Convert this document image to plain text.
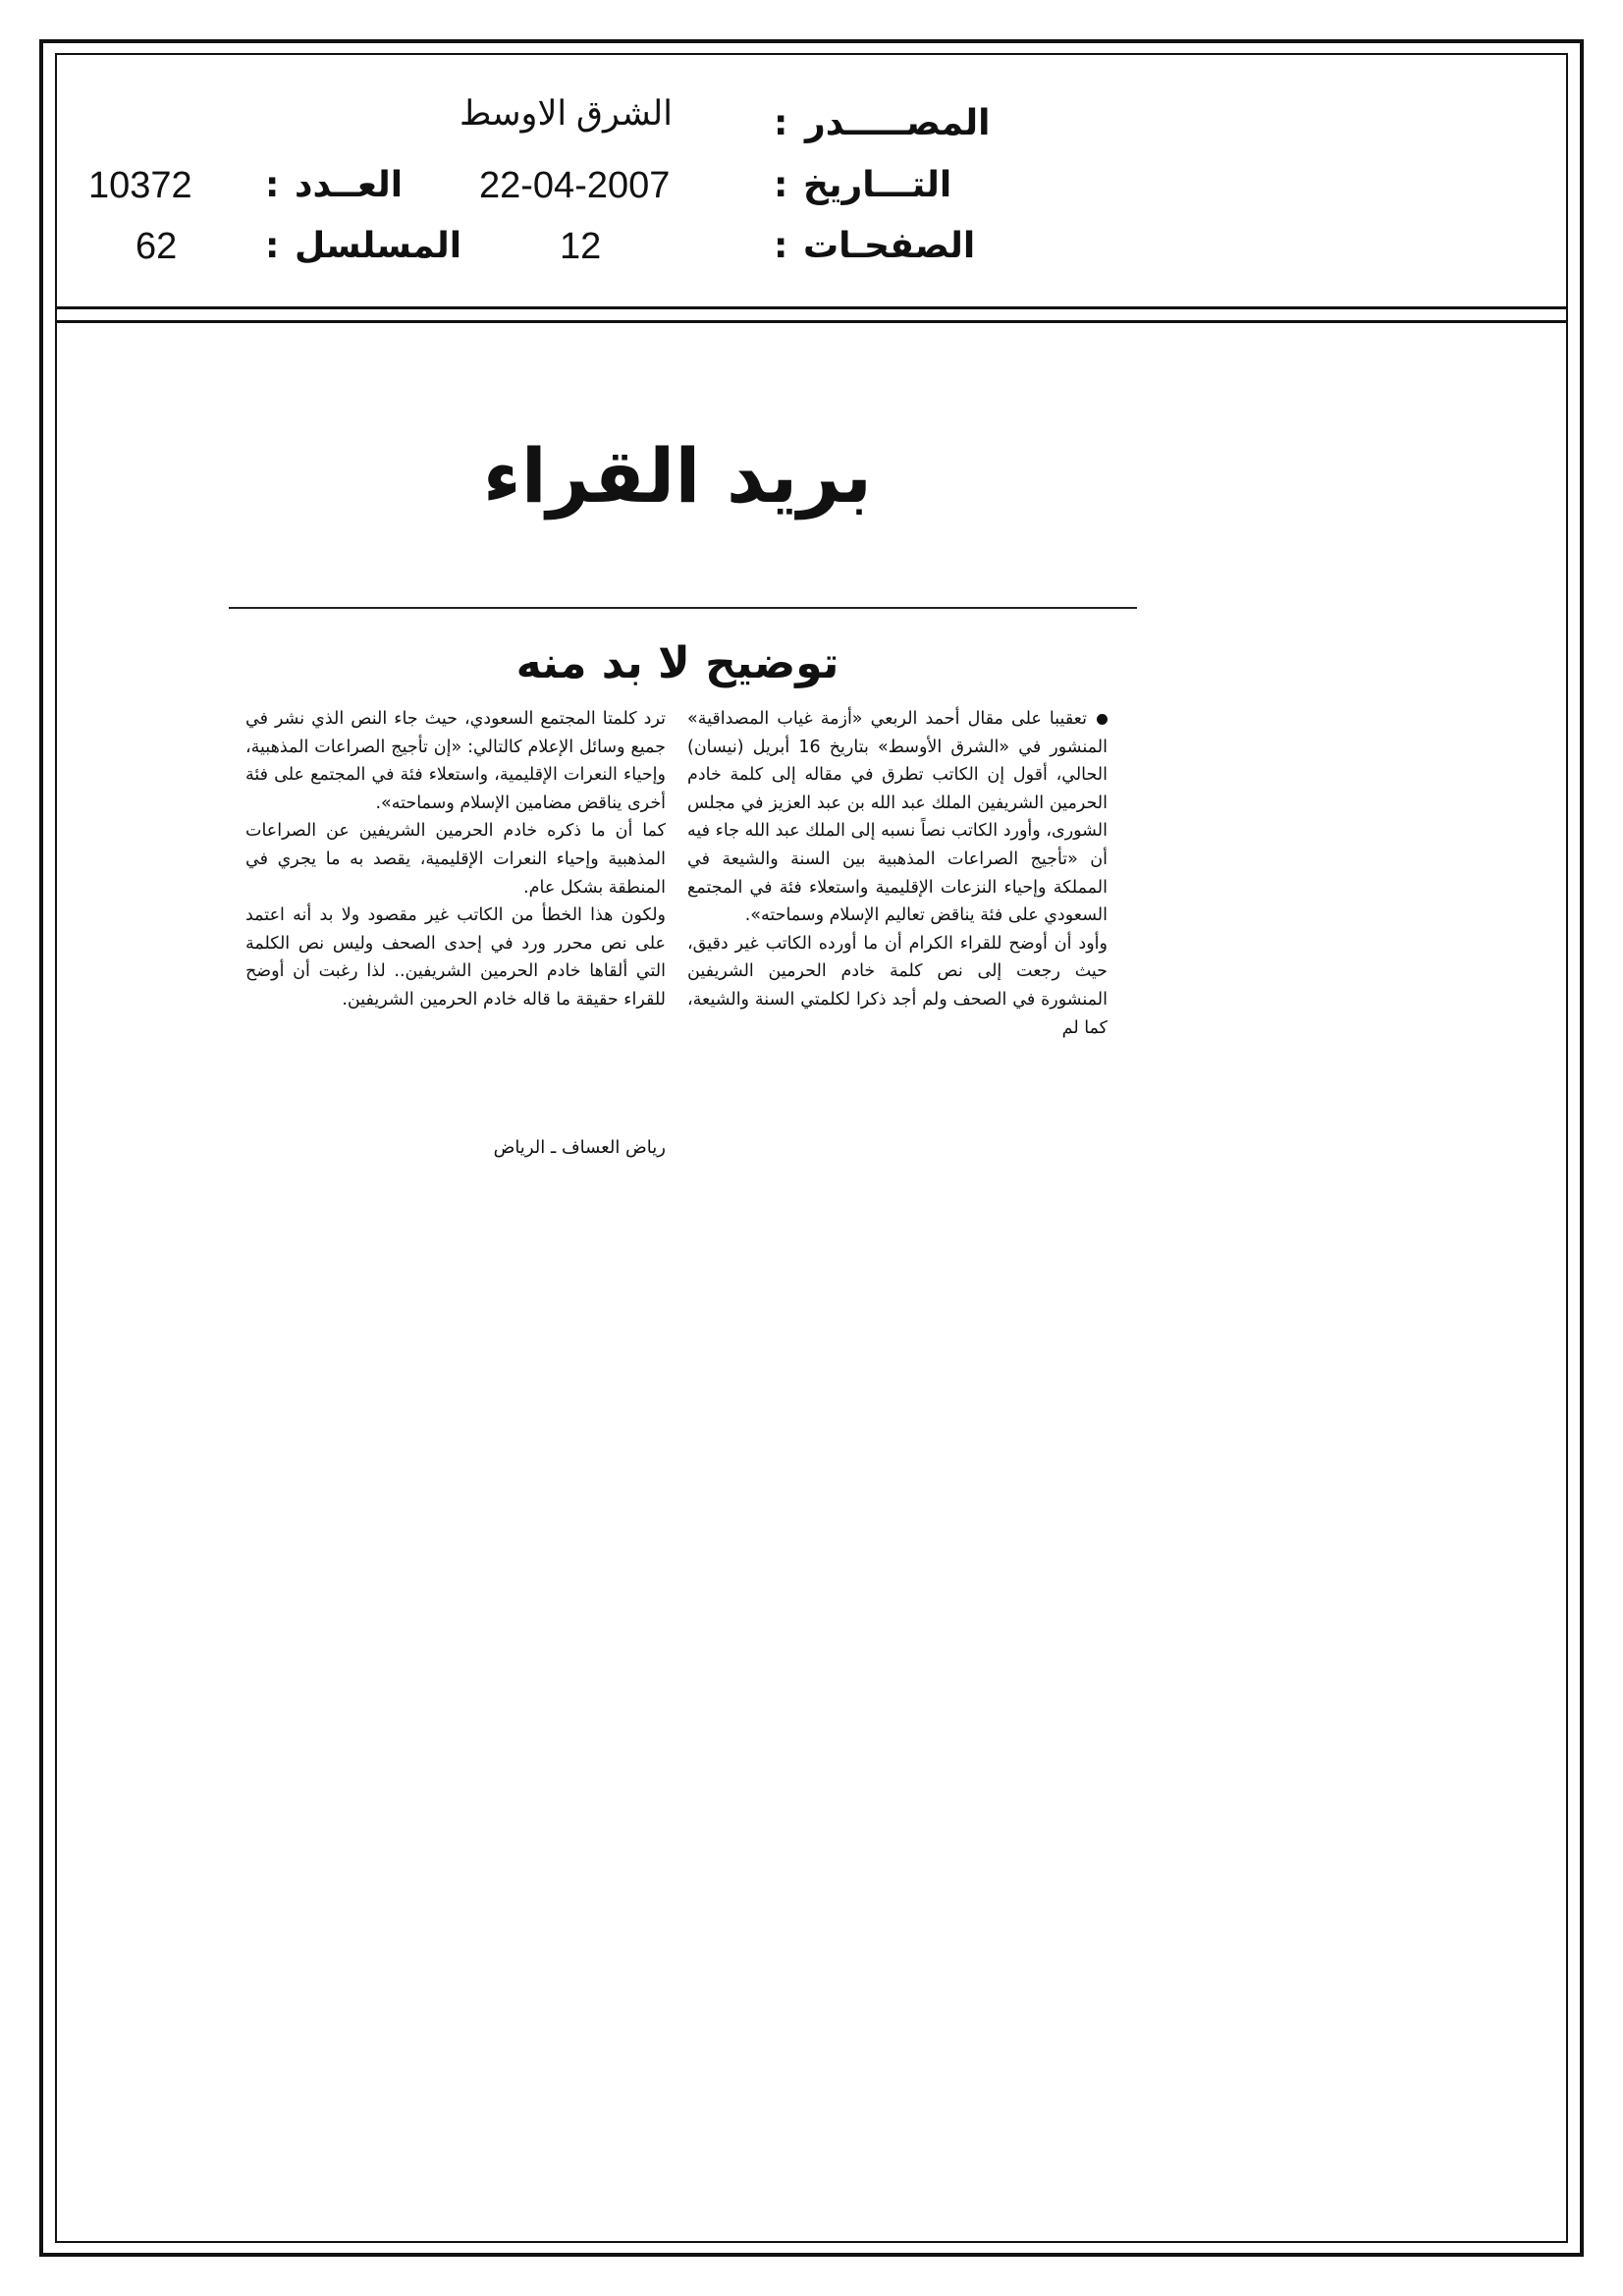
المصـــــدر
:
الشرق الاوسط
التـــاريخ
:
22-04-2007
العــدد
:
10372
الصفحـات
:
12
المسلسل
:
62
بريد القراء
توضيح لا بد منه

تعقيبا على مقال أحمد الربعي «أزمة غياب المصداقية» المنشور في «الشرق الأوسط» بتاريخ 16 أبريل (نيسان) الحالي، أقول إن الكاتب تطرق في مقاله إلى كلمة خادم الحرمين الشريفين الملك عبد الله بن عبد العزيز في مجلس الشورى، وأورد الكاتب نصاً نسبه إلى الملك عبد الله جاء فيه أن «تأجيج الصراعات المذهبية بين السنة والشيعة في المملكة وإحياء النزعات الإقليمية واستعلاء فئة في المجتمع السعودي على فئة يناقض تعاليم الإسلام وسماحته».

وأود أن أوضح للقراء الكرام أن ما أورده الكاتب غير دقيق، حيث رجعت إلى نص كلمة خادم الحرمين الشريفين المنشورة في الصحف ولم أجد ذكرا لكلمتي السنة والشيعة، كما لم

ترد كلمتا المجتمع السعودي، حيث جاء النص الذي نشر في جميع وسائل الإعلام كالتالي: «إن تأجيج الصراعات المذهبية، وإحياء النعرات الإقليمية، واستعلاء فئة في المجتمع على فئة أخرى يناقض مضامين الإسلام وسماحته».

كما أن ما ذكره خادم الحرمين الشريفين عن الصراعات المذهبية وإحياء النعرات الإقليمية، يقصد به ما يجري في المنطقة بشكل عام.

ولكون هذا الخطأ من الكاتب غير مقصود ولا بد أنه اعتمد على نص محرر ورد في إحدى الصحف وليس نص الكلمة التي ألقاها خادم الحرمين الشريفين.. لذا رغبت أن أوضح للقراء حقيقة ما قاله خادم الحرمين الشريفين.

رياض العساف ـ الرياض
